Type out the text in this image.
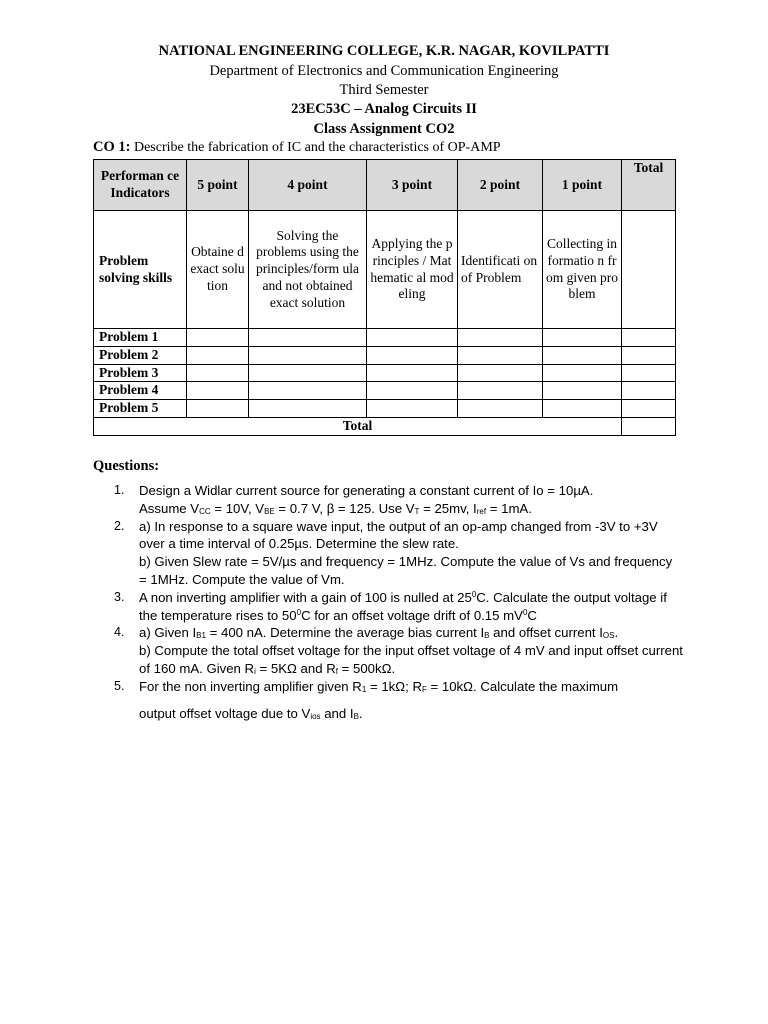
NATIONAL ENGINEERING COLLEGE, K.R. NAGAR, KOVILPATTI
Department of Electronics and Communication Engineering
Third Semester
23EC53C – Analog Circuits II
Class Assignment CO2
CO 1: Describe the fabrication of IC and the characteristics of OP-AMP
Performan ce Indicators	5 point	4 point	3 point	2 point	1 point	Total
Problem solving skills	Obtaine d exact solution	Solving the problems using the principles/form ula and not obtained exact solution	Applying the principles / Mathematic al modeling	Identificati on of Problem	Collecting informatio n from given problem	
Problem 1						
Problem 2						
Problem 3						
Problem 4						
Problem 5						
Total						
Questions:
1. Design a Widlar current source for generating a constant current of Io = 10µA.
Assume $V_{CC} = 10V$, $V_{BE} = 0.7$ V, β = 125. Use $V_T = 25mv$, $I_{ref} = 1mA$.
2. a) In response to a square wave input, the output of an op-amp changed from -3V to +3V over a time interval of 0.25µs. Determine the slew rate.
b) Given Slew rate = 5V/µs and frequency = 1MHz. Compute the value of Vs and frequency = 1MHz. Compute the value of Vm.
3. A non inverting amplifier with a gain of 100 is nulled at $25^0C$. Calculate the output voltage if the temperature rises to $50^0C$ for an offset voltage drift of 0.15 $mV^0C$
4. a) Given $I_{B1} = 400$ nA. Determine the average bias current $I_B$ and offset current $I_{OS}$.
b) Compute the total offset voltage for the input offset voltage of 4 mV and input offset current of 160 mA. Given $R_i = 5K\Omega$ and $R_f = 500k\Omega$.
5. For the non inverting amplifier given $R_1 = 1k\Omega$; $R_F = 10k\Omega$. Calculate the maximum
output offset voltage due to $V_{ios}$ and $I_B$.
